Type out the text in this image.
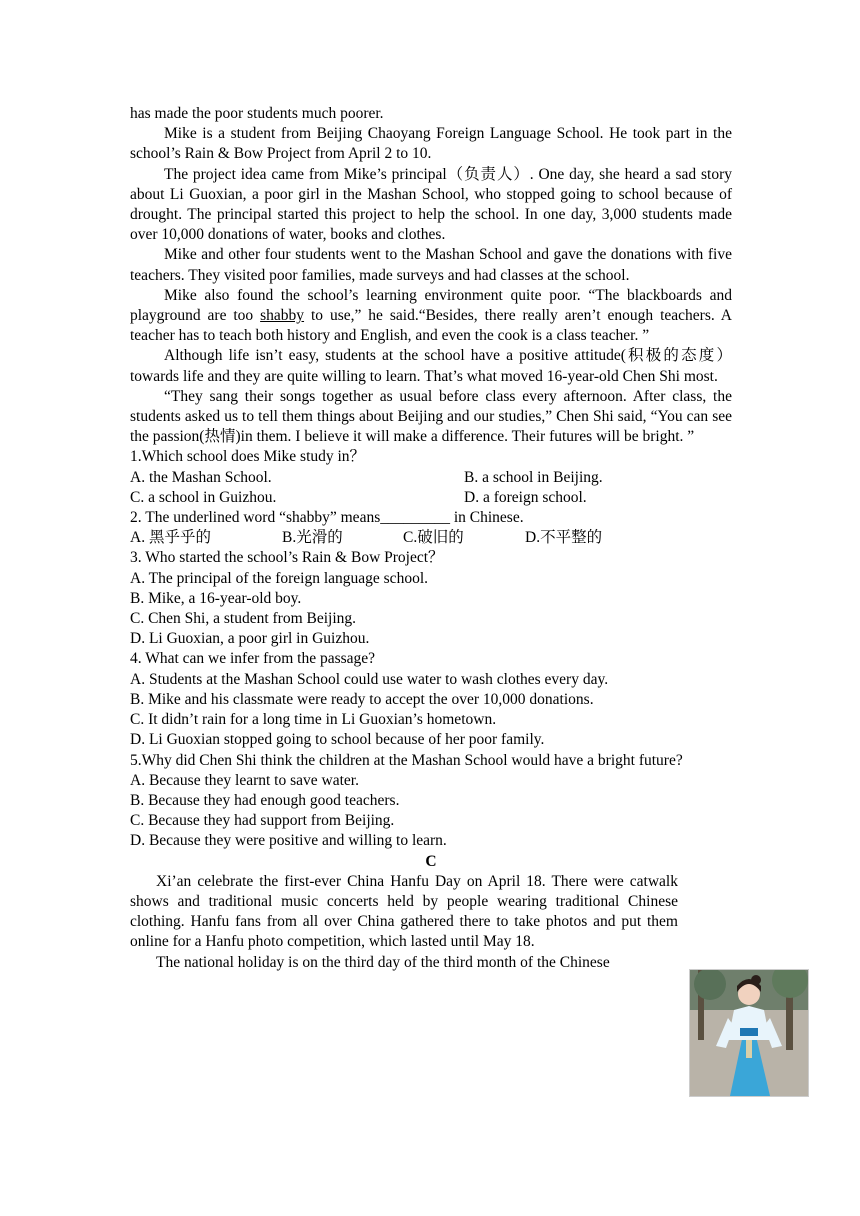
has made the poor students much poorer.

Mike is a student from Beijing Chaoyang Foreign Language School. He took part in the school’s Rain & Bow Project from April 2 to 10.

The project idea came from Mike’s principal（负责人）. One day, she heard a sad story about Li Guoxian, a poor girl in the Mashan School, who stopped going to school because of drought. The principal started this project to help the school. In one day, 3,000 students made over 10,000 donations of water, books and clothes.

Mike and other four students went to the Mashan School and gave the donations with five teachers. They visited poor families, made surveys and had classes at the school.

Mike also found the school’s learning environment quite poor. “The blackboards and playground are too shabby to use,” he said.“Besides, there really aren’t enough teachers. A teacher has to teach both history and English, and even the cook is a class teacher. ”

Although life isn’t easy, students at the school have a positive attitude(积极的态度）towards life and they are quite willing to learn. That’s what moved 16-year-old Chen Shi most.

“They sang their songs together as usual before class every afternoon. After class, the students asked us to tell them things about Beijing and our studies,” Chen Shi said, “You can see the passion(热情)in them. I believe it will make a difference. Their futures will be bright. ”

1.Which school does Mike study in？

A. the Mashan School.	B. a school in Beijing.
C. a school in Guizhou.	D. a foreign school.

2. The underlined word “shabby” means_________ in Chinese.

A. 黑乎乎的	B.光滑的	C.破旧的	D.不平整的

3. Who started the school’s Rain & Bow Project？

A. The principal of the foreign language school.

B. Mike, a 16-year-old boy.

C. Chen Shi, a student from Beijing.

D. Li Guoxian, a poor girl in Guizhou.

4. What can we infer from the passage?

A. Students at the Mashan School could use water to wash clothes every day.

B. Mike and his classmate were ready to accept the over 10,000 donations.

C. It didn’t rain for a long time in Li Guoxian’s hometown.

D. Li Guoxian stopped going to school because of her poor family.

5.Why did Chen Shi think the children at the Mashan School would have a bright future?

A. Because they learnt to save water.

B. Because they had enough good teachers.

C. Because they had support from Beijing.

D. Because they were positive and willing to learn.

C

Xi’an celebrate the first-ever China Hanfu Day on April 18. There were catwalk shows and traditional music concerts held by people wearing traditional Chinese clothing. Hanfu fans from all over China gathered there to take photos and put them online for a Hanfu photo competition, which lasted until May 18.

The national holiday is on the third day of the third month of the Chinese
